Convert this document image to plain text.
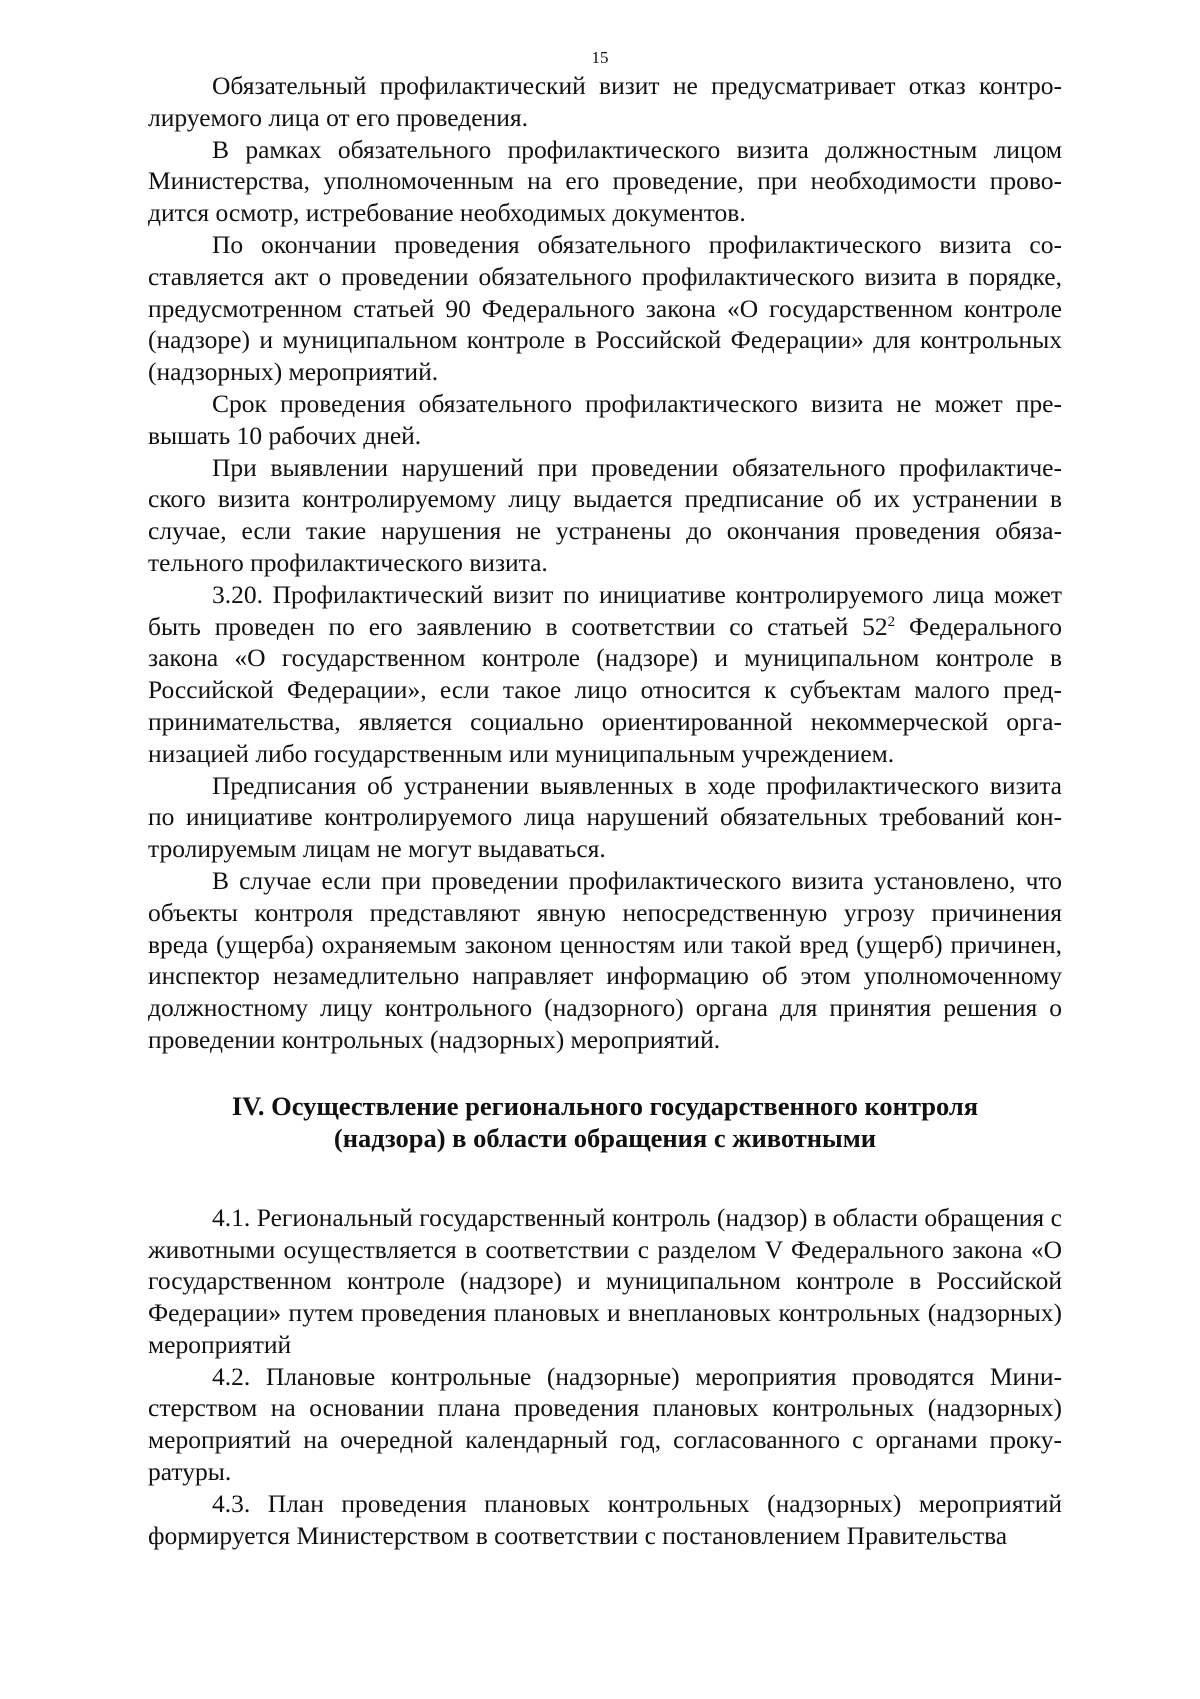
15

Обязательный профилактический визит не предусматривает отказ контролируемого лица от его проведения.

В рамках обязательного профилактического визита должностным лицом Министерства, уполномоченным на его проведение, при необходимости проводится осмотр, истребование необходимых документов.

По окончании проведения обязательного профилактического визита составляется акт о проведении обязательного профилактического визита в порядке, предусмотренном статьей 90 Федерального закона «О государственном контроле (надзоре) и муниципальном контроле в Российской Федерации» для контрольных (надзорных) мероприятий.

Срок проведения обязательного профилактического визита не может превышать 10 рабочих дней.

При выявлении нарушений при проведении обязательного профилактического визита контролируемому лицу выдается предписание об их устранении в случае, если такие нарушения не устранены до окончания проведения обязательного профилактического визита.

3.20. Профилактический визит по инициативе контролируемого лица может быть проведен по его заявлению в соответствии со статьей $52^2$ Федерального закона «О государственном контроле (надзоре) и муниципальном контроле в Российской Федерации», если такое лицо относится к субъектам малого предпринимательства, является социально ориентированной некоммерческой организацией либо государственным или муниципальным учреждением.

Предписания об устранении выявленных в ходе профилактического визита по инициативе контролируемого лица нарушений обязательных требований контролируемым лицам не могут выдаваться.

В случае если при проведении профилактического визита установлено, что объекты контроля представляют явную непосредственную угрозу причинения вреда (ущерба) охраняемым законом ценностям или такой вред (ущерб) причинен, инспектор незамедлительно направляет информацию об этом уполномоченному должностному лицу контрольного (надзорного) органа для принятия решения о проведении контрольных (надзорных) мероприятий.

IV. Осуществление регионального государственного контроля
(надзора) в области обращения с животными

4.1. Региональный государственный контроль (надзор) в области обращения с животными осуществляется в соответствии с разделом V Федерального закона «О государственном контроле (надзоре) и муниципальном контроле в Российской Федерации» путем проведения плановых и внеплановых контрольных (надзорных) мероприятий

4.2. Плановые контрольные (надзорные) мероприятия проводятся Министерством на основании плана проведения плановых контрольных (надзорных) мероприятий на очередной календарный год, согласованного с органами прокуратуры.

4.3. План проведения плановых контрольных (надзорных) мероприятий формируется Министерством в соответствии с постановлением Правительства
